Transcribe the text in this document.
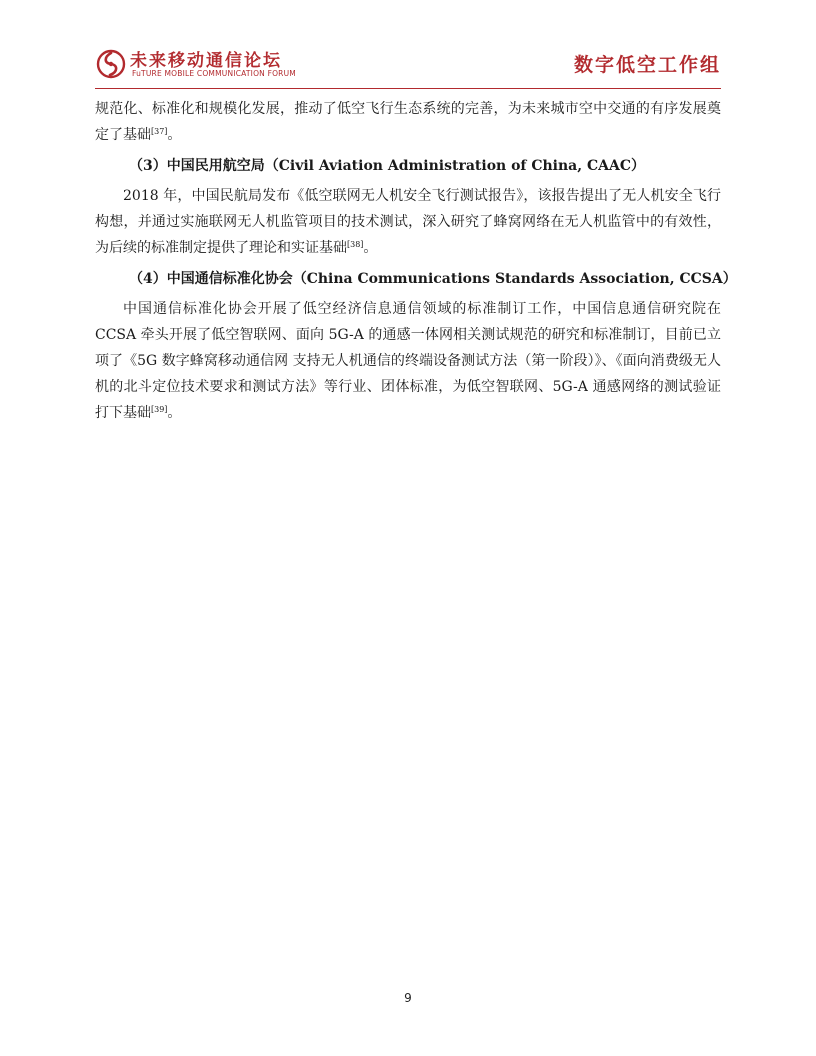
未来移动通信论坛
FuTURE MOBILE COMMUNICATION FORUM	数字低空工作组

规范化、标准化和规模化发展，推动了低空飞行生态系统的完善，为未来城市空中交通的有序发展奠定了基础[37]。

（3）中国民用航空局（Civil Aviation Administration of China, CAAC）

2018 年，中国民航局发布《低空联网无人机安全飞行测试报告》，该报告提出了无人机安全飞行构想，并通过实施联网无人机监管项目的技术测试，深入研究了蜂窝网络在无人机监管中的有效性，为后续的标准制定提供了理论和实证基础[38]。

（4）中国通信标准化协会（China Communications Standards Association, CCSA）

中国通信标准化协会开展了低空经济信息通信领域的标准制订工作，中国信息通信研究院在 CCSA 牵头开展了低空智联网、面向 5G-A 的通感一体网相关测试规范的研究和标准制订，目前已立项了《5G 数字蜂窝移动通信网 支持无人机通信的终端设备测试方法（第一阶段）》、《面向消费级无人机的北斗定位技术要求和测试方法》等行业、团体标准，为低空智联网、5G-A 通感网络的测试验证打下基础[39]。

9
